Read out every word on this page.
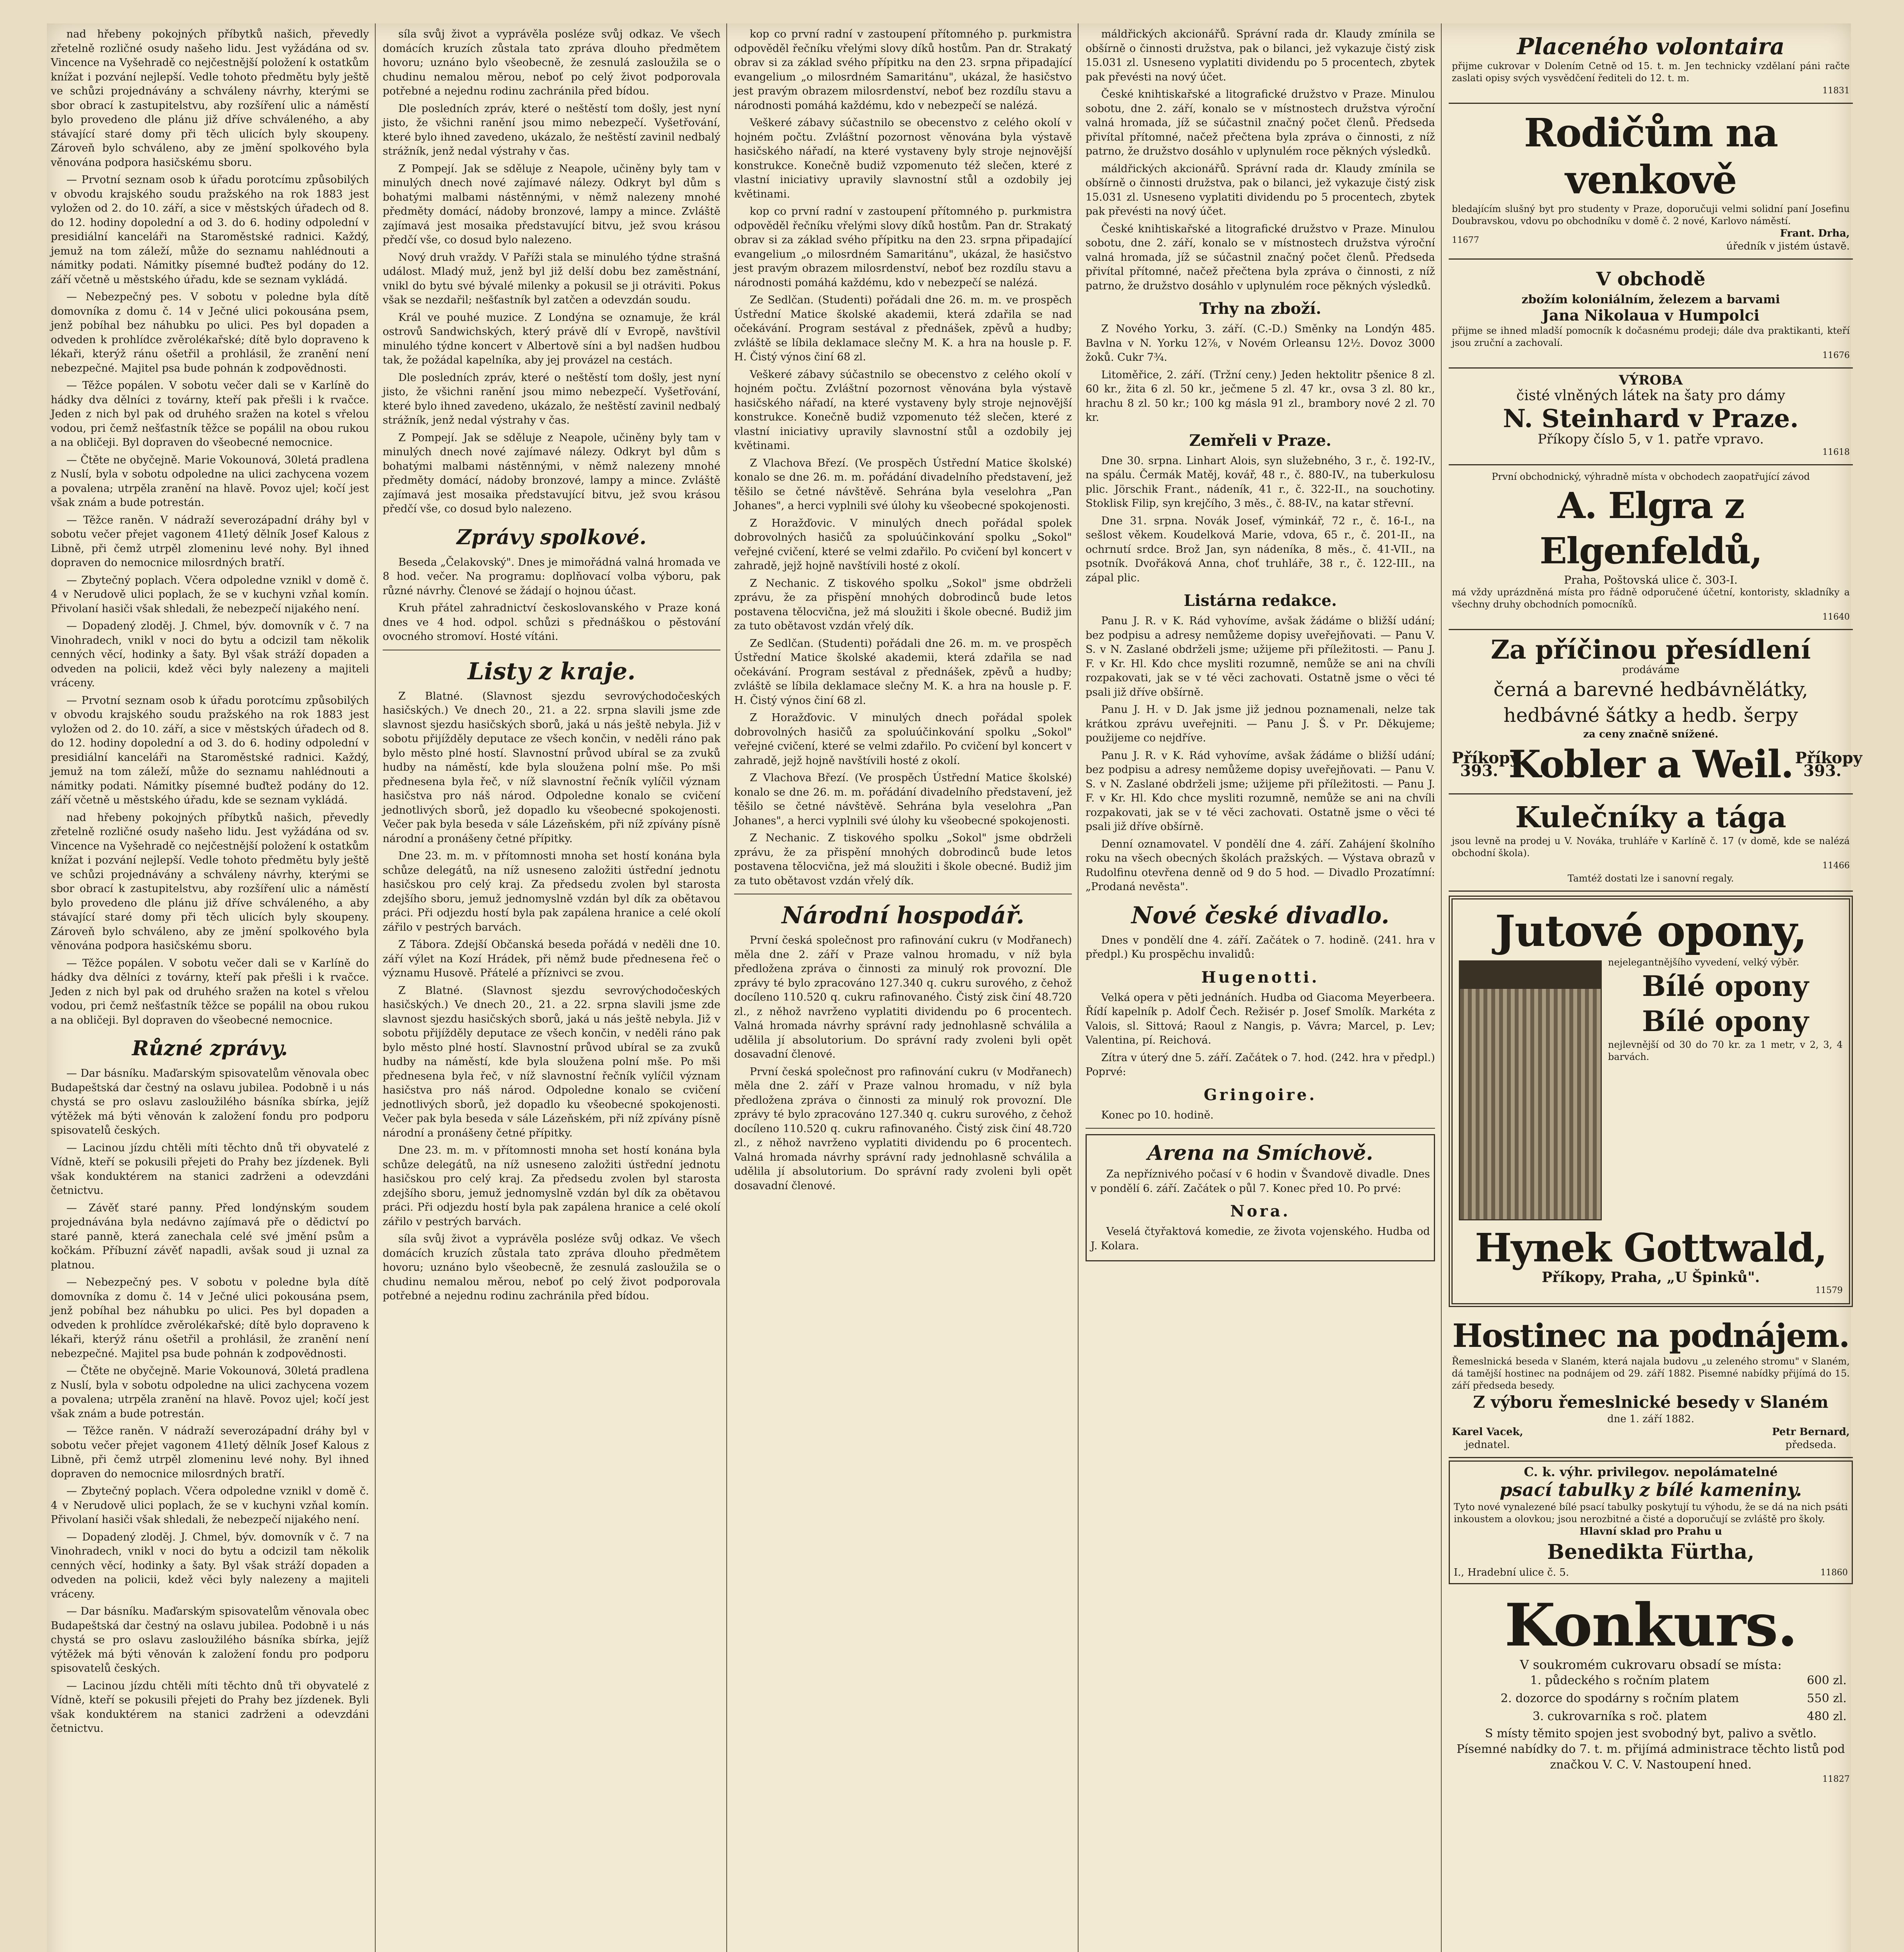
nad hřebeny pokojných příbytků našich, převedly zřetelně rozličné osudy našeho lidu. Jest vyžádána od sv. Vincence na Vyšehradě co nejčestnější položení k ostatkům knížat i pozvání nejlepší. Vedle tohoto předmětu byly ještě ve schůzi projednávány a schváleny návrhy, kterými se sbor obrací k zastupitelstvu, aby rozšíření ulic a náměstí bylo provedeno dle plánu již dříve schváleného, a aby stávající staré domy při těch ulicích byly skoupeny. Zároveň bylo schváleno, aby ze jmění spolkového byla věnována podpora hasičskému sboru.

— Prvotní seznam osob k úřadu porotcímu způsobilých v obvodu krajského soudu pražského na rok 1883 jest vyložen od 2. do 10. září, a sice v městských úřadech od 8. do 12. hodiny dopolední a od 3. do 6. hodiny odpolední v presidiální kanceláři na Staroměstské radnici. Každý, jemuž na tom záleží, může do seznamu nahlédnouti a námitky podati. Námitky písemné buďtež podány do 12. září včetně u městského úřadu, kde se seznam vykládá.

— Nebezpečný pes. V sobotu v poledne byla dítě domovníka z domu č. 14 v Ječné ulici pokousána psem, jenž pobíhal bez náhubku po ulici. Pes byl dopaden a odveden k prohlídce zvěrolékařské; dítě bylo dopraveno k lékaři, kterýž ránu ošetřil a prohlásil, že zranění není nebezpečné. Majitel psa bude pohnán k zodpovědnosti.

— Těžce popálen. V sobotu večer dali se v Karlíně do hádky dva dělníci z továrny, kteří pak přešli i k rvačce. Jeden z nich byl pak od druhého sražen na kotel s vřelou vodou, pri čemž nešťastník těžce se popálil na obou rukou a na obličeji. Byl dopraven do všeobecné nemocnice.

— Čtěte ne obyčejně. Marie Vokounová, 30letá pradlena z Nuslí, byla v sobotu odpoledne na ulici zachycena vozem a povalena; utrpěla zranění na hlavě. Povoz ujel; kočí jest však znám a bude potrestán.

— Těžce raněn. V nádraží severozápadní dráhy byl v sobotu večer přejet vagonem 41letý dělník Josef Kalous z Libně, při čemž utrpěl zlomeninu levé nohy. Byl ihned dopraven do nemocnice milosrdných bratří.

— Zbytečný poplach. Včera odpoledne vznikl v domě č. 4 v Nerudově ulici poplach, že se v kuchyni vzňal komín. Přivolaní hasiči však shledali, že nebezpečí nijakého není.

— Dopadený zloděj. J. Chmel, býv. domovník v č. 7 na Vinohradech, vnikl v noci do bytu a odcizil tam několik cenných věcí, hodinky a šaty. Byl však stráží dopaden a odveden na policii, kdež věci byly nalezeny a majiteli vráceny.

— Prvotní seznam osob k úřadu porotcímu způsobilých v obvodu krajského soudu pražského na rok 1883 jest vyložen od 2. do 10. září, a sice v městských úřadech od 8. do 12. hodiny dopolední a od 3. do 6. hodiny odpolední v presidiální kanceláři na Staroměstské radnici. Každý, jemuž na tom záleží, může do seznamu nahlédnouti a námitky podati. Námitky písemné buďtež podány do 12. září včetně u městského úřadu, kde se seznam vykládá.

nad hřebeny pokojných příbytků našich, převedly zřetelně rozličné osudy našeho lidu. Jest vyžádána od sv. Vincence na Vyšehradě co nejčestnější položení k ostatkům knížat i pozvání nejlepší. Vedle tohoto předmětu byly ještě ve schůzi projednávány a schváleny návrhy, kterými se sbor obrací k zastupitelstvu, aby rozšíření ulic a náměstí bylo provedeno dle plánu již dříve schváleného, a aby stávající staré domy při těch ulicích byly skoupeny. Zároveň bylo schváleno, aby ze jmění spolkového byla věnována podpora hasičskému sboru.

— Těžce popálen. V sobotu večer dali se v Karlíně do hádky dva dělníci z továrny, kteří pak přešli i k rvačce. Jeden z nich byl pak od druhého sražen na kotel s vřelou vodou, pri čemž nešťastník těžce se popálil na obou rukou a na obličeji. Byl dopraven do všeobecné nemocnice.

Různé zprávy.

— Dar básníku. Maďarským spisovatelům věnovala obec Budapeštská dar čestný na oslavu jubilea. Podobně i u nás chystá se pro oslavu zasloužilého básníka sbírka, jejíž výtěžek má býti věnován k založení fondu pro podporu spisovatelů českých.

— Lacinou jízdu chtěli míti těchto dnů tři obyvatelé z Vídně, kteří se pokusili přejeti do Prahy bez jízdenek. Byli však konduktérem na stanici zadrženi a odevzdáni četnictvu.

— Závěť staré panny. Před londýnským soudem projednávána byla nedávno zajímavá pře o dědictví po staré panně, která zanechala celé své jmění psům a kočkám. Příbuzní závěť napadli, avšak soud ji uznal za platnou.

— Nebezpečný pes. V sobotu v poledne byla dítě domovníka z domu č. 14 v Ječné ulici pokousána psem, jenž pobíhal bez náhubku po ulici. Pes byl dopaden a odveden k prohlídce zvěrolékařské; dítě bylo dopraveno k lékaři, kterýž ránu ošetřil a prohlásil, že zranění není nebezpečné. Majitel psa bude pohnán k zodpovědnosti.

— Čtěte ne obyčejně. Marie Vokounová, 30letá pradlena z Nuslí, byla v sobotu odpoledne na ulici zachycena vozem a povalena; utrpěla zranění na hlavě. Povoz ujel; kočí jest však znám a bude potrestán.

— Těžce raněn. V nádraží severozápadní dráhy byl v sobotu večer přejet vagonem 41letý dělník Josef Kalous z Libně, při čemž utrpěl zlomeninu levé nohy. Byl ihned dopraven do nemocnice milosrdných bratří.

— Zbytečný poplach. Včera odpoledne vznikl v domě č. 4 v Nerudově ulici poplach, že se v kuchyni vzňal komín. Přivolaní hasiči však shledali, že nebezpečí nijakého není.

— Dopadený zloděj. J. Chmel, býv. domovník v č. 7 na Vinohradech, vnikl v noci do bytu a odcizil tam několik cenných věcí, hodinky a šaty. Byl však stráží dopaden a odveden na policii, kdež věci byly nalezeny a majiteli vráceny.

— Dar básníku. Maďarským spisovatelům věnovala obec Budapeštská dar čestný na oslavu jubilea. Podobně i u nás chystá se pro oslavu zasloužilého básníka sbírka, jejíž výtěžek má býti věnován k založení fondu pro podporu spisovatelů českých.

— Lacinou jízdu chtěli míti těchto dnů tři obyvatelé z Vídně, kteří se pokusili přejeti do Prahy bez jízdenek. Byli však konduktérem na stanici zadrženi a odevzdáni četnictvu.

síla svůj život a vyprávěla posléze svůj odkaz. Ve všech domácích kruzích zůstala tato zpráva dlouho předmětem hovoru; uznáno bylo všeobecně, že zesnulá zasloužila se o chudinu nemalou měrou, neboť po celý život podporovala potřebné a nejednu rodinu zachránila před bídou.

Dle posledních zpráv, které o neštěstí tom došly, jest nyní jisto, že všichni ranění jsou mimo nebezpečí. Vyšetřování, které bylo ihned zavedeno, ukázalo, že neštěstí zavinil nedbalý strážník, jenž nedal výstrahy v čas.

Z Pompejí. Jak se sděluje z Neapole, učiněny byly tam v minulých dnech nové zajímavé nálezy. Odkryt byl dům s bohatými malbami nástěnnými, v němž nalezeny mnohé předměty domácí, nádoby bronzové, lampy a mince. Zvláště zajímavá jest mosaika představující bitvu, jež svou krásou předčí vše, co dosud bylo nalezeno.

Nový druh vraždy. V Paříži stala se minulého týdne strašná událost. Mladý muž, jenž byl již delší dobu bez zaměstnání, vnikl do bytu své bývalé milenky a pokusil se ji otráviti. Pokus však se nezdařil; nešťastník byl zatčen a odevzdán soudu.

Král ve pouhé muzice. Z Londýna se oznamuje, že král ostrovů Sandwichských, který právě dlí v Evropě, navštívil minulého týdne koncert v Albertově síni a byl nadšen hudbou tak, že požádal kapelníka, aby jej provázel na cestách.

Dle posledních zpráv, které o neštěstí tom došly, jest nyní jisto, že všichni ranění jsou mimo nebezpečí. Vyšetřování, které bylo ihned zavedeno, ukázalo, že neštěstí zavinil nedbalý strážník, jenž nedal výstrahy v čas.

Z Pompejí. Jak se sděluje z Neapole, učiněny byly tam v minulých dnech nové zajímavé nálezy. Odkryt byl dům s bohatými malbami nástěnnými, v němž nalezeny mnohé předměty domácí, nádoby bronzové, lampy a mince. Zvláště zajímavá jest mosaika představující bitvu, jež svou krásou předčí vše, co dosud bylo nalezeno.

Zprávy spolkové.

Beseda „Čelakovský". Dnes je mimořádná valná hromada ve 8 hod. večer. Na programu: doplňovací volba výboru, pak různé návrhy. Členové se žádají o hojnou účast.

Kruh přátel zahradnictví českoslovanského v Praze koná dnes ve 4 hod. odpol. schůzi s přednáškou o pěstování ovocného stromoví. Hosté vítáni.

Listy z kraje.

Z Blatné. (Slavnost sjezdu sevrovýchodočeských hasičských.) Ve dnech 20., 21. a 22. srpna slavili jsme zde slavnost sjezdu hasičských sborů, jaká u nás ještě nebyla. Již v sobotu přijížděly deputace ze všech končin, v neděli ráno pak bylo město plné hostí. Slavnostní průvod ubíral se za zvuků hudby na náměstí, kde byla sloužena polní mše. Po mši přednesena byla řeč, v níž slavnostní řečník vylíčil význam hasičstva pro náš národ. Odpoledne konalo se cvičení jednotlivých sborů, jež dopadlo ku všeobecné spokojenosti. Večer pak byla beseda v sále Lázeňském, při níž zpívány písně národní a pronášeny četné přípitky.

Dne 23. m. m. v přítomnosti mnoha set hostí konána byla schůze delegátů, na níž usneseno založiti ústřední jednotu hasičskou pro celý kraj. Za předsedu zvolen byl starosta zdejšího sboru, jemuž jednomyslně vzdán byl dík za obětavou práci. Při odjezdu hostí byla pak zapálena hranice a celé okolí zářilo v pestrých barvách.

Z Tábora. Zdejší Občanská beseda pořádá v neděli dne 10. září výlet na Kozí Hrádek, při němž bude přednesena řeč o významu Husově. Přátelé a příznivci se zvou.

Z Blatné. (Slavnost sjezdu sevrovýchodočeských hasičských.) Ve dnech 20., 21. a 22. srpna slavili jsme zde slavnost sjezdu hasičských sborů, jaká u nás ještě nebyla. Již v sobotu přijížděly deputace ze všech končin, v neděli ráno pak bylo město plné hostí. Slavnostní průvod ubíral se za zvuků hudby na náměstí, kde byla sloužena polní mše. Po mši přednesena byla řeč, v níž slavnostní řečník vylíčil význam hasičstva pro náš národ. Odpoledne konalo se cvičení jednotlivých sborů, jež dopadlo ku všeobecné spokojenosti. Večer pak byla beseda v sále Lázeňském, při níž zpívány písně národní a pronášeny četné přípitky.

Dne 23. m. m. v přítomnosti mnoha set hostí konána byla schůze delegátů, na níž usneseno založiti ústřední jednotu hasičskou pro celý kraj. Za předsedu zvolen byl starosta zdejšího sboru, jemuž jednomyslně vzdán byl dík za obětavou práci. Při odjezdu hostí byla pak zapálena hranice a celé okolí zářilo v pestrých barvách.

síla svůj život a vyprávěla posléze svůj odkaz. Ve všech domácích kruzích zůstala tato zpráva dlouho předmětem hovoru; uznáno bylo všeobecně, že zesnulá zasloužila se o chudinu nemalou měrou, neboť po celý život podporovala potřebné a nejednu rodinu zachránila před bídou.

kop co první radní v zastoupení přítomného p. purkmistra odpověděl řečníku vřelými slovy díků hostům. Pan dr. Strakatý obrav si za základ svého přípitku na den 23. srpna připadající evangelium „o milosrdném Samaritánu", ukázal, že hasičstvo jest pravým obrazem milosrdenství, neboť bez rozdílu stavu a národnosti pomáhá každému, kdo v nebezpečí se nalézá.

Veškeré zábavy súčastnilo se obecenstvo z celého okolí v hojném počtu. Zvláštní pozornost věnována byla výstavě hasičského nářadí, na které vystaveny byly stroje nejnovější konstrukce. Konečně budiž vzpomenuto též slečen, které z vlastní iniciativy upravily slavnostní stůl a ozdobily jej květinami.

kop co první radní v zastoupení přítomného p. purkmistra odpověděl řečníku vřelými slovy díků hostům. Pan dr. Strakatý obrav si za základ svého přípitku na den 23. srpna připadající evangelium „o milosrdném Samaritánu", ukázal, že hasičstvo jest pravým obrazem milosrdenství, neboť bez rozdílu stavu a národnosti pomáhá každému, kdo v nebezpečí se nalézá.

Ze Sedlčan. (Studenti) pořádali dne 26. m. m. ve prospěch Ústřední Matice školské akademii, která zdařila se nad očekávání. Program sestával z přednášek, zpěvů a hudby; zvláště se líbila deklamace slečny M. K. a hra na housle p. F. H. Čistý výnos činí 68 zl.

Veškeré zábavy súčastnilo se obecenstvo z celého okolí v hojném počtu. Zvláštní pozornost věnována byla výstavě hasičského nářadí, na které vystaveny byly stroje nejnovější konstrukce. Konečně budiž vzpomenuto též slečen, které z vlastní iniciativy upravily slavnostní stůl a ozdobily jej květinami.

Z Vlachova Březí. (Ve prospěch Ústřední Matice školské) konalo se dne 26. m. m. pořádání divadelního představení, jež těšilo se četné návštěvě. Sehrána byla veselohra „Pan Johanes", a herci vyplnili své úlohy ku všeobecné spokojenosti.

Z Horažďovic. V minulých dnech pořádal spolek dobrovolných hasičů za spoluúčinkování spolku „Sokol" veřejné cvičení, které se velmi zdařilo. Po cvičení byl koncert v zahradě, jejž hojně navštívili hosté z okolí.

Z Nechanic. Z tiskového spolku „Sokol" jsme obdrželi zprávu, že za přispění mnohých dobrodinců bude letos postavena tělocvična, jež má sloužiti i škole obecné. Budiž jim za tuto obětavost vzdán vřelý dík.

Ze Sedlčan. (Studenti) pořádali dne 26. m. m. ve prospěch Ústřední Matice školské akademii, která zdařila se nad očekávání. Program sestával z přednášek, zpěvů a hudby; zvláště se líbila deklamace slečny M. K. a hra na housle p. F. H. Čistý výnos činí 68 zl.

Z Horažďovic. V minulých dnech pořádal spolek dobrovolných hasičů za spoluúčinkování spolku „Sokol" veřejné cvičení, které se velmi zdařilo. Po cvičení byl koncert v zahradě, jejž hojně navštívili hosté z okolí.

Z Vlachova Březí. (Ve prospěch Ústřední Matice školské) konalo se dne 26. m. m. pořádání divadelního představení, jež těšilo se četné návštěvě. Sehrána byla veselohra „Pan Johanes", a herci vyplnili své úlohy ku všeobecné spokojenosti.

Z Nechanic. Z tiskového spolku „Sokol" jsme obdrželi zprávu, že za přispění mnohých dobrodinců bude letos postavena tělocvična, jež má sloužiti i škole obecné. Budiž jim za tuto obětavost vzdán vřelý dík.

Národní hospodář.

První česká společnost pro rafinování cukru (v Modřanech) měla dne 2. září v Praze valnou hromadu, v níž byla předložena zpráva o činnosti za minulý rok provozní. Dle zprávy té bylo zpracováno 127.340 q. cukru surového, z čehož docíleno 110.520 q. cukru rafinovaného. Čistý zisk činí 48.720 zl., z něhož navrženo vyplatiti dividendu po 6 procentech. Valná hromada návrhy správní rady jednohlasně schválila a udělila jí absolutorium. Do správní rady zvoleni byli opět dosavadní členové.

První česká společnost pro rafinování cukru (v Modřanech) měla dne 2. září v Praze valnou hromadu, v níž byla předložena zpráva o činnosti za minulý rok provozní. Dle zprávy té bylo zpracováno 127.340 q. cukru surového, z čehož docíleno 110.520 q. cukru rafinovaného. Čistý zisk činí 48.720 zl., z něhož navrženo vyplatiti dividendu po 6 procentech. Valná hromada návrhy správní rady jednohlasně schválila a udělila jí absolutorium. Do správní rady zvoleni byli opět dosavadní členové.

máldřických akcionářů. Správní rada dr. Klaudy zmínila se obšírně o činnosti družstva, pak o bilanci, jež vykazuje čistý zisk 15.031 zl. Usneseno vyplatiti dividendu po 5 procentech, zbytek pak převésti na nový účet.

České knihtiskařské a litografické družstvo v Praze. Minulou sobotu, dne 2. září, konalo se v místnostech družstva výroční valná hromada, jíž se súčastnil značný počet členů. Předseda přivítal přítomné, načež přečtena byla zpráva o činnosti, z níž patrno, že družstvo dosáhlo v uplynulém roce pěkných výsledků.

máldřických akcionářů. Správní rada dr. Klaudy zmínila se obšírně o činnosti družstva, pak o bilanci, jež vykazuje čistý zisk 15.031 zl. Usneseno vyplatiti dividendu po 5 procentech, zbytek pak převésti na nový účet.

České knihtiskařské a litografické družstvo v Praze. Minulou sobotu, dne 2. září, konalo se v místnostech družstva výroční valná hromada, jíž se súčastnil značný počet členů. Předseda přivítal přítomné, načež přečtena byla zpráva o činnosti, z níž patrno, že družstvo dosáhlo v uplynulém roce pěkných výsledků.

Trhy na zboží.

Z Nového Yorku, 3. září. (C.-D.) Směnky na Londýn 485. Bavlna v N. Yorku 12⅞, v Novém Orleansu 12½. Dovoz 3000 žoků. Cukr 7¾.

Litoměřice, 2. září. (Tržní ceny.) Jeden hektolitr pšenice 8 zl. 60 kr., žita 6 zl. 50 kr., ječmene 5 zl. 47 kr., ovsa 3 zl. 80 kr., hrachu 8 zl. 50 kr.; 100 kg másla 91 zl., brambory nové 2 zl. 70 kr.

Zemřeli v Praze.

Dne 30. srpna. Linhart Alois, syn služebného, 3 r., č. 192-IV., na spálu. Čermák Matěj, kovář, 48 r., č. 880-IV., na tuberkulosu plic. Jörschik Frant., nádeník, 41 r., č. 322-II., na souchotiny. Stoklisk Filip, syn krejčího, 3 měs., č. 88-IV., na katar střevní.

Dne 31. srpna. Novák Josef, výminkář, 72 r., č. 16-I., na sešlost věkem. Koudelková Marie, vdova, 65 r., č. 201-II., na ochrnutí srdce. Brož Jan, syn nádeníka, 8 měs., č. 41-VII., na psotník. Dvořáková Anna, choť truhláře, 38 r., č. 122-III., na zápal plic.

Listárna redakce.

Panu J. R. v K. Rád vyhovíme, avšak žádáme o bližší udání; bez podpisu a adresy nemůžeme dopisy uveřejňovati. — Panu V. S. v N. Zaslané obdrželi jsme; užijeme při příležitosti. — Panu J. F. v Kr. Hl. Kdo chce mysliti rozumně, nemůže se ani na chvíli rozpakovati, jak se v té věci zachovati. Ostatně jsme o věci té psali již dříve obšírně.

Panu J. H. v D. Jak jsme již jednou poznamenali, nelze tak krátkou zprávu uveřejniti. — Panu J. Š. v Pr. Děkujeme; použijeme co nejdříve.

Panu J. R. v K. Rád vyhovíme, avšak žádáme o bližší udání; bez podpisu a adresy nemůžeme dopisy uveřejňovati. — Panu V. S. v N. Zaslané obdrželi jsme; užijeme při příležitosti. — Panu J. F. v Kr. Hl. Kdo chce mysliti rozumně, nemůže se ani na chvíli rozpakovati, jak se v té věci zachovati. Ostatně jsme o věci té psali již dříve obšírně.

Denní oznamovatel. V pondělí dne 4. září. Zahájení školního roku na všech obecných školách pražských. — Výstava obrazů v Rudolfinu otevřena denně od 9 do 5 hod. — Divadlo Prozatímní: „Prodaná nevěsta".

Nové české divadlo.

Dnes v pondělí dne 4. září. Začátek o 7. hodině. (241. hra v předpl.) Ku prospěchu invalidů:

Hugenotti.

Velká opera v pěti jednáních. Hudba od Giacoma Meyerbeera. Řídí kapelník p. Adolf Čech. Režisér p. Josef Smolík. Markéta z Valois, sl. Sittová; Raoul z Nangis, p. Vávra; Marcel, p. Lev; Valentina, pí. Reichová.

Zítra v úterý dne 5. září. Začátek o 7. hod. (242. hra v předpl.) Poprvé:

Gringoire.

Konec po 10. hodině.

Arena na Smíchově.

Za nepříznivého počasí v 6 hodin v Švandově divadle. Dnes v pondělí 6. září. Začátek o půl 7. Konec před 10. Po prvé:

Nora.

Veselá čtyřaktová komedie, ze života vojenského. Hudba od J. Kolara.

Placeného volontaira
přijme cukrovar v Dolením Cetně od 15. t. m. Jen technicky vzdělaní páni račte zaslati opisy svých vysvědčení řediteli do 12. t. m.
11831
Rodičům na venkově
bledajícím slušný byt pro studenty v Praze, doporučuji velmi solidní paní Josefinu Doubravskou, vdovu po obchodníku v domě č. 2 nové, Karlovo náměstí.
11677
Frant. Drha,
úředník v jistém ústavě.
V obchodě
zbožím koloniálním, železem a barvami
Jana Nikolaua v Humpolci
přijme se ihned mladší pomocník k dočasnému prodeji; dále dva praktikanti, kteří jsou zruční a zachovalí.
11676
VÝROBA
čisté vlněných látek na šaty pro dámy
N. Steinhard v Praze.
Příkopy číslo 5, v 1. patře vpravo.
11618
První obchodnický, výhradně místa v obchodech zaopatřující závod
A. Elgra z Elgenfeldů,
Praha, Poštovská ulice č. 303-I.
má vždy uprázdněná místa pro řádně odporučené účetní, kontoristy, skladníky a všechny druhy obchodních pomocníků.
11640
Za příčinou přesídlení
prodáváme
černá a barevné hedbávnělátky, hedbávné šátky a hedb. šerpy
za ceny značně snížené.
Příkopy 393. Kobler a Weil. Příkopy 393.
Kulečníky a tága
jsou levně na prodej u V. Nováka, truhláře v Karlíně č. 17 (v domě, kde se nalézá obchodní škola).
11466
Tamtéž dostati lze i sanovní regaly.
Jutové opony,
nejelegantnějšího vyvedení, velký výběr.
Bílé opony
Bílé opony
nejlevnější od 30 do 70 kr. za 1 metr, v 2, 3, 4 barvách.
Hynek Gottwald,
Příkopy, Praha, „U Špinků".
11579
Hostinec na podnájem.
Řemeslnická beseda v Slaném, která najala budovu „u zeleného stromu" v Slaném, dá tamější hostinec na podnájem od 29. září 1882. Pisemné nabídky přijímá do 15. září předseda besedy.
Z výboru řemeslnické besedy v Slaném
dne 1. září 1882.
Karel Vacek,
jednatel.
Petr Bernard,
předseda.
C. k. výhr. privilegov. nepolámatelné
psací tabulky z bílé kameniny.
Tyto nové vynalezené bílé psací tabulky poskytují tu výhodu, že se dá na nich psáti inkoustem a olovkou; jsou nerozbitné a čisté a doporučují se zvláště pro školy.
Hlavní sklad pro Prahu u
Benedikta Fürtha,
I., Hradební ulice č. 5.	11860
Konkurs.
V soukromém cukrovaru obsadí se místa:
1. půdeckého s ročním platem	600 zl.
2. dozorce do spodárny s ročním platem	550 zl.
3. cukrovarníka s roč. platem	480 zl.
S místy těmito spojen jest svobodný byt, palivo a světlo.
Písemné nabídky do 7. t. m. přijímá administrace těchto listů pod značkou V. C. V. Nastoupení hned.
11827
